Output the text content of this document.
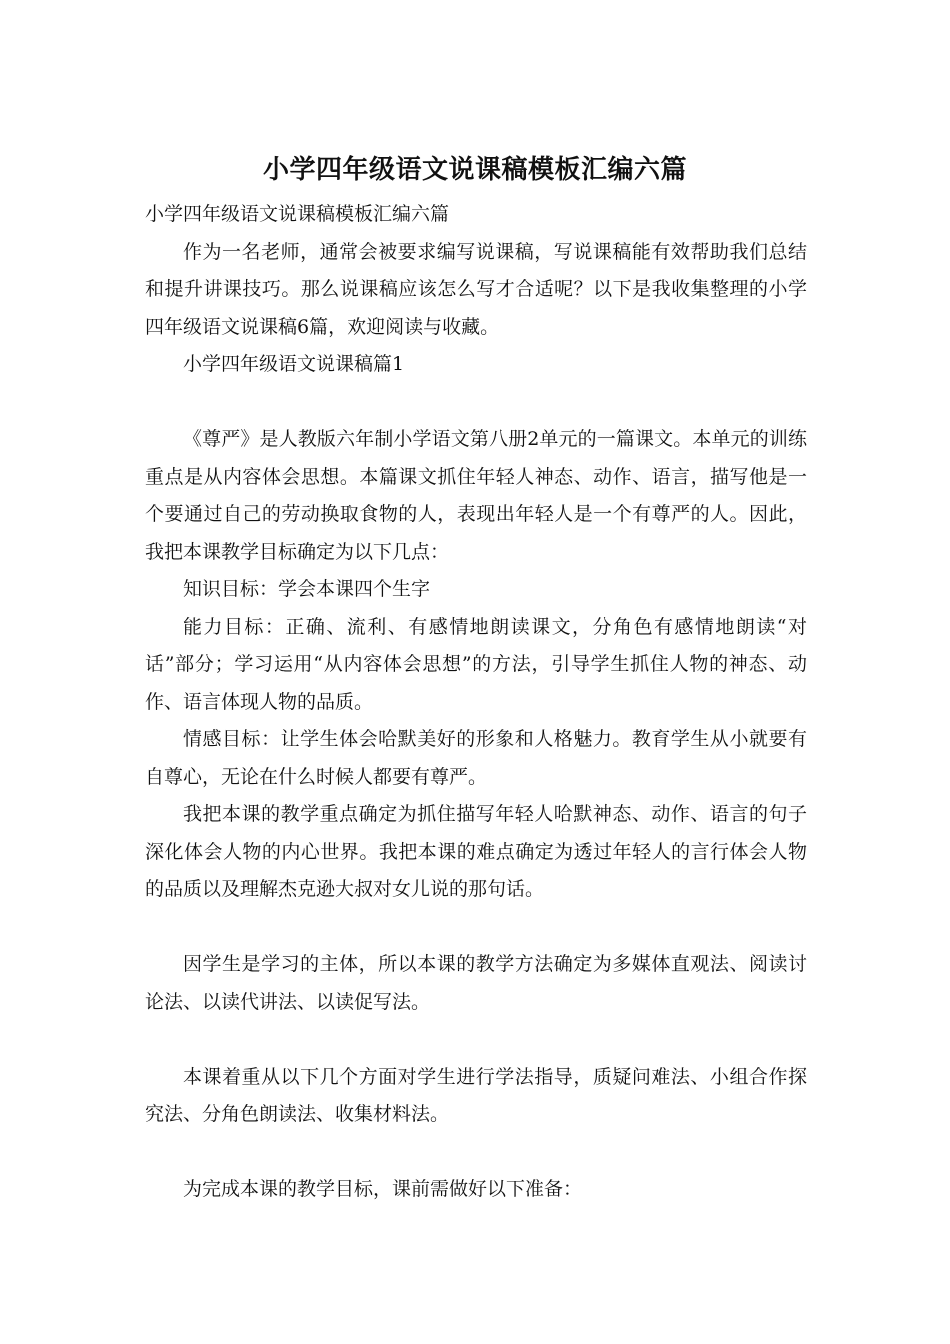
小学四年级语文说课稿模板汇编六篇

小学四年级语文说课稿模板汇编六篇

作为一名老师，通常会被要求编写说课稿，写说课稿能有效帮助我们总结和提升讲课技巧。那么说课稿应该怎么写才合适呢？以下是我收集整理的小学四年级语文说课稿6篇，欢迎阅读与收藏。

小学四年级语文说课稿篇1

《尊严》是人教版六年制小学语文第八册2单元的一篇课文。本单元的训练重点是从内容体会思想。本篇课文抓住年轻人神态、动作、语言，描写他是一个要通过自己的劳动换取食物的人，表现出年轻人是一个有尊严的人。因此，我把本课教学目标确定为以下几点：

知识目标：学会本课四个生字

能力目标：正确、流利、有感情地朗读课文，分角色有感情地朗读“对话”部分；学习运用“从内容体会思想”的方法，引导学生抓住人物的神态、动作、语言体现人物的品质。

情感目标：让学生体会哈默美好的形象和人格魅力。教育学生从小就要有自尊心，无论在什么时候人都要有尊严。

我把本课的教学重点确定为抓住描写年轻人哈默神态、动作、语言的句子深化体会人物的内心世界。我把本课的难点确定为透过年轻人的言行体会人物的品质以及理解杰克逊大叔对女儿说的那句话。

因学生是学习的主体，所以本课的教学方法确定为多媒体直观法、阅读讨论法、以读代讲法、以读促写法。

本课着重从以下几个方面对学生进行学法指导，质疑问难法、小组合作探究法、分角色朗读法、收集材料法。

为完成本课的教学目标，课前需做好以下准备：
